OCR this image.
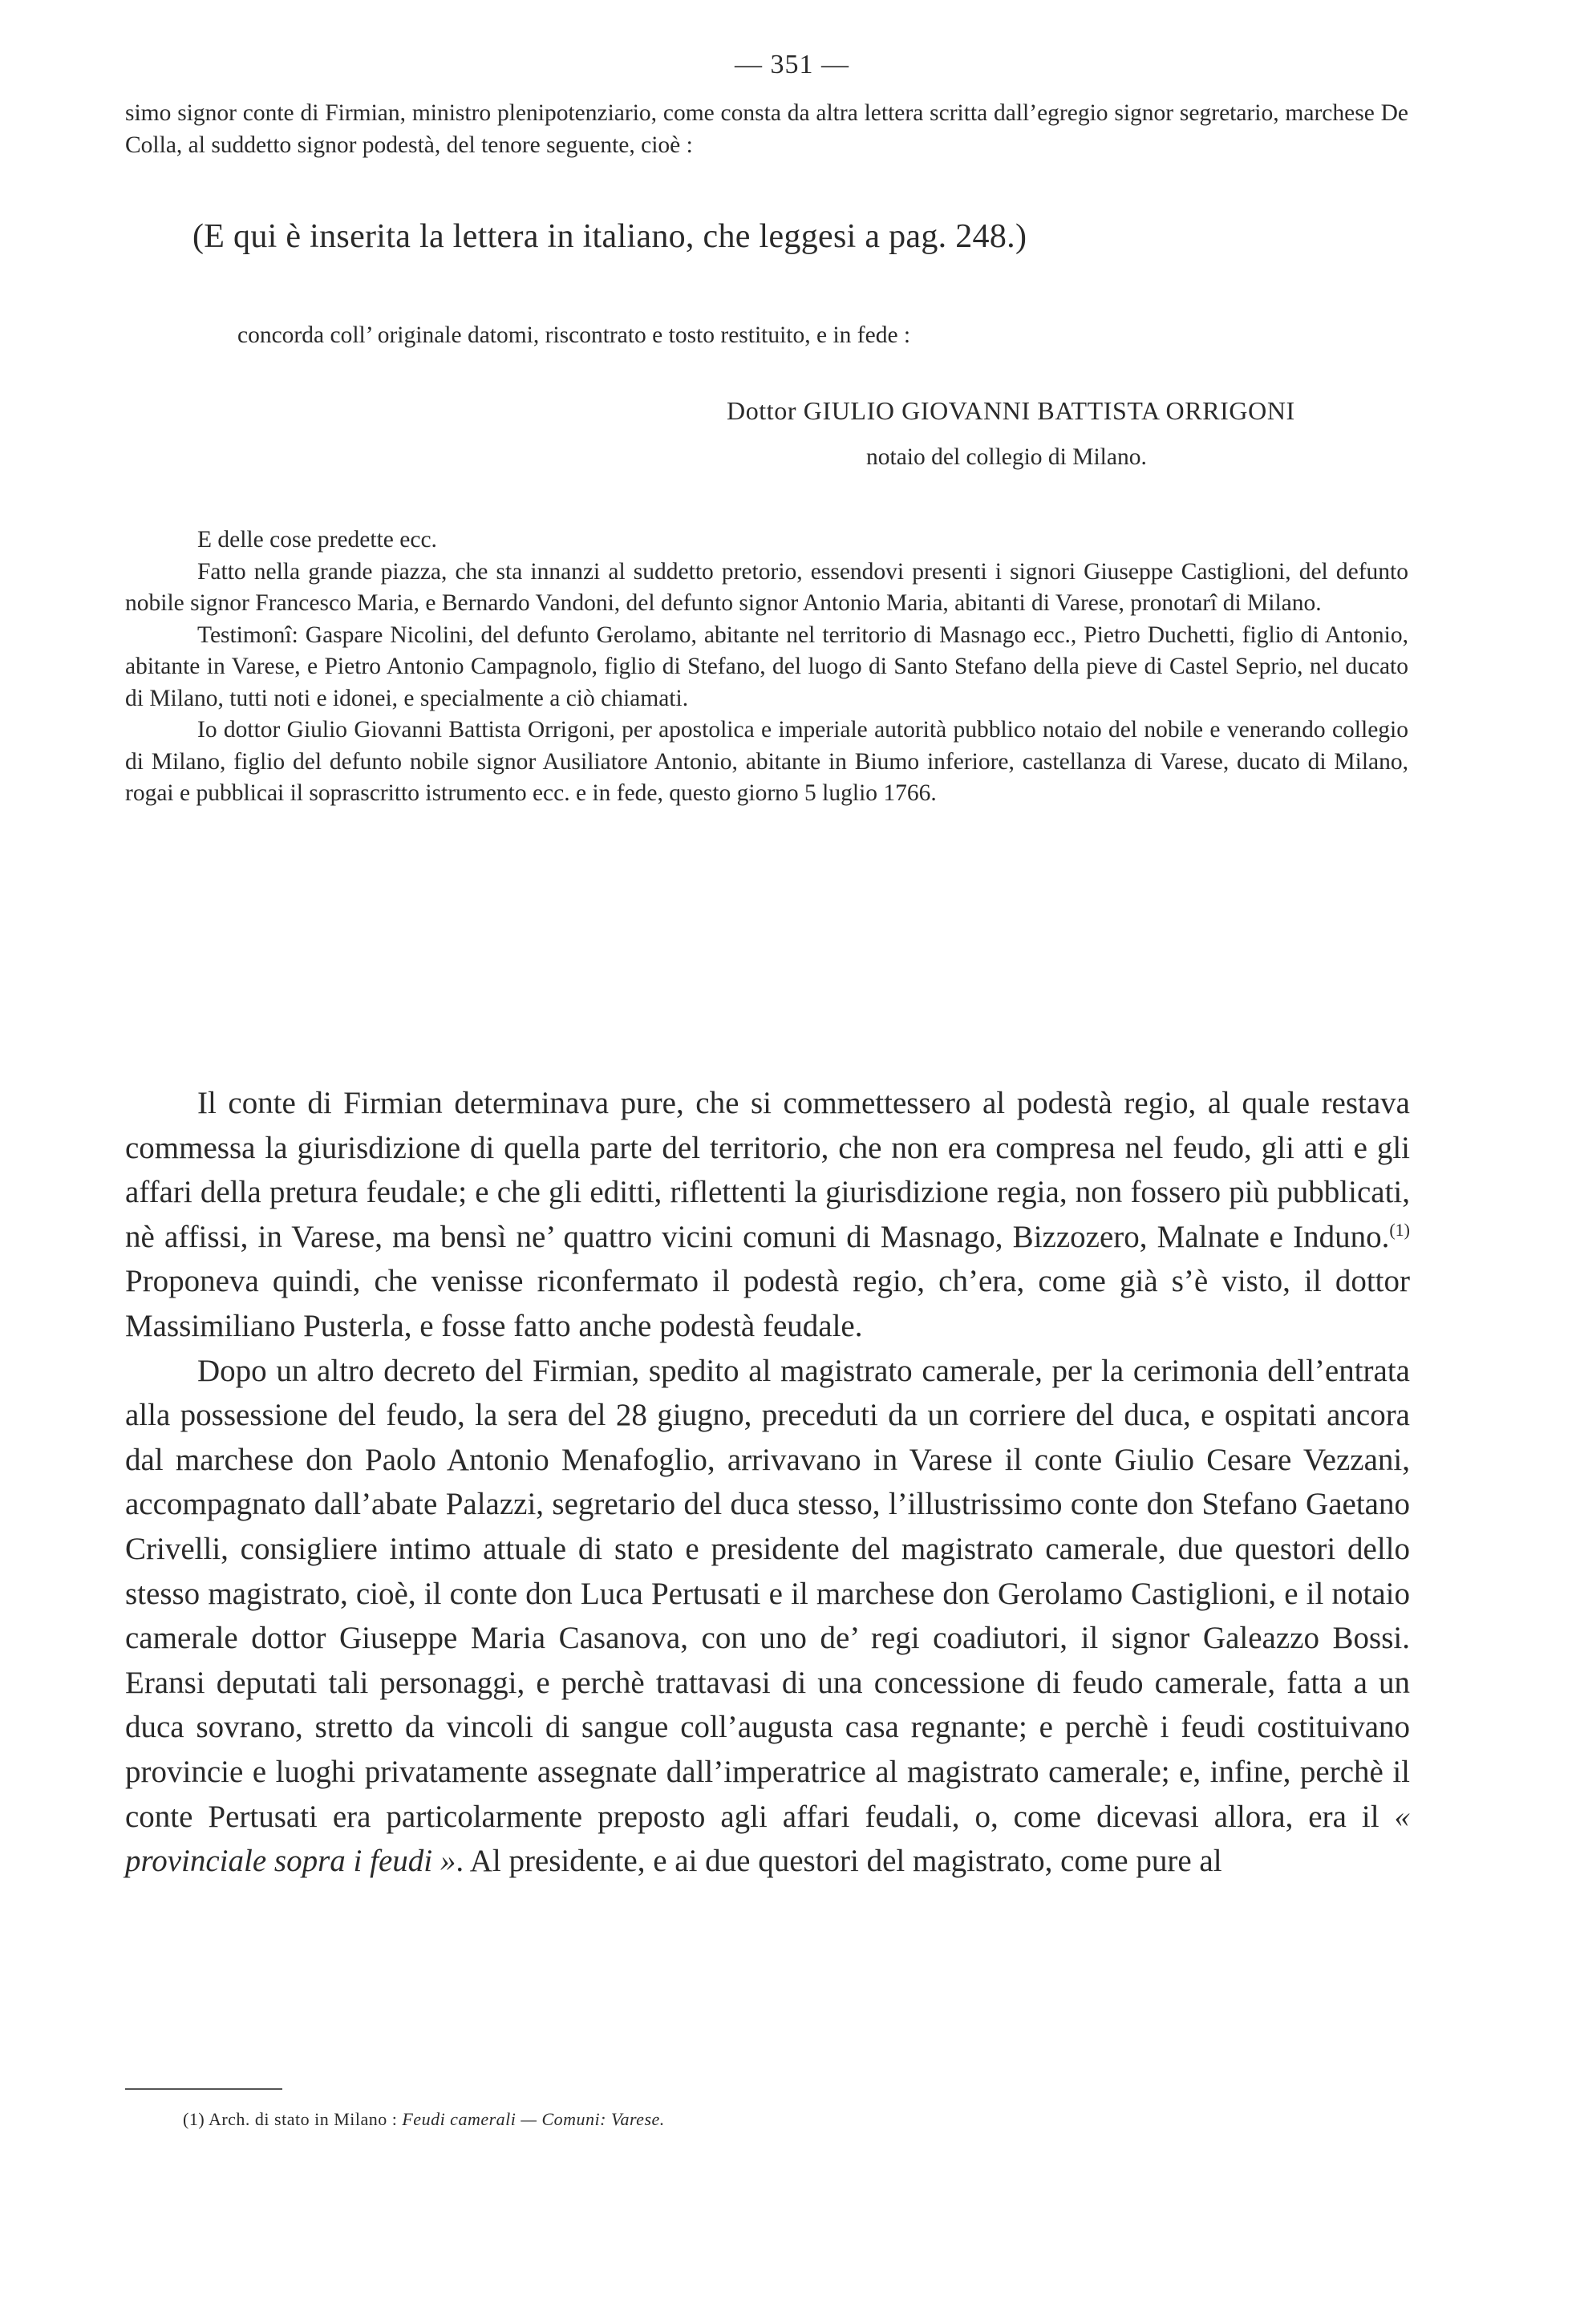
— 351 —

simo signor conte di Firmian, ministro plenipotenziario, come consta da altra lettera scritta dall’egregio signor segretario, marchese De Colla, al suddetto signor podestà, del tenore seguente, cioè :

(E qui è inserita la lettera in italiano, che leggesi a pag. 248.)
concorda coll’ originale datomi, riscontrato e tosto restituito, e in fede :
Dottor GIULIO GIOVANNI BATTISTA ORRIGONI
notaio del collegio di Milano.

E delle cose predette ecc.

Fatto nella grande piazza, che sta innanzi al suddetto pretorio, essendovi presenti i signori Giuseppe Castiglioni, del defunto nobile signor Francesco Maria, e Bernardo Vandoni, del defunto signor Antonio Maria, abitanti di Varese, pronotarî di Milano.

Testimonî: Gaspare Nicolini, del defunto Gerolamo, abitante nel territorio di Masnago ecc., Pietro Duchetti, figlio di Antonio, abitante in Varese, e Pietro Antonio Campagnolo, figlio di Stefano, del luogo di Santo Stefano della pieve di Castel Seprio, nel ducato di Milano, tutti noti e idonei, e specialmente a ciò chiamati.

Io dottor Giulio Giovanni Battista Orrigoni, per apostolica e imperiale autorità pubblico notaio del nobile e venerando collegio di Milano, figlio del defunto nobile signor Ausiliatore Antonio, abitante in Biumo inferiore, castellanza di Varese, ducato di Milano, rogai e pubblicai il soprascritto istrumento ecc. e in fede, questo giorno 5 luglio 1766.

Il conte di Firmian determinava pure, che si commettessero al podestà regio, al quale restava commessa la giurisdizione di quella parte del territorio, che non era compresa nel feudo, gli atti e gli affari della pretura feudale; e che gli editti, riflettenti la giurisdizione regia, non fossero più pubblicati, nè affissi, in Varese, ma bensì ne’ quattro vicini comuni di Masnago, Bizzozero, Malnate e Induno.$^{(1)}$ Proponeva quindi, che venisse riconfermato il podestà regio, ch’era, come già s’è visto, il dottor Massimiliano Pusterla, e fosse fatto anche podestà feudale.

Dopo un altro decreto del Firmian, spedito al magistrato camerale, per la cerimonia dell’entrata alla possessione del feudo, la sera del 28 giugno, preceduti da un corriere del duca, e ospitati ancora dal marchese don Paolo Antonio Menafoglio, arrivavano in Varese il conte Giulio Cesare Vezzani, accompagnato dall’abate Palazzi, segretario del duca stesso, l’illustrissimo conte don Stefano Gaetano Crivelli, consigliere intimo attuale di stato e presidente del magistrato camerale, due questori dello stesso magistrato, cioè, il conte don Luca Pertusati e il marchese don Gerolamo Castiglioni, e il notaio camerale dottor Giuseppe Maria Casanova, con uno de’ regi coadiutori, il signor Galeazzo Bossi. Eransi deputati tali personaggi, e perchè trattavasi di una concessione di feudo camerale, fatta a un duca sovrano, stretto da vincoli di sangue coll’augusta casa regnante; e perchè i feudi costituivano provincie e luoghi privatamente assegnate dall’imperatrice al magistrato camerale; e, infine, perchè il conte Pertusati era particolarmente preposto agli affari feudali, o, come dicevasi allora, era il « provinciale sopra i feudi ». Al presidente, e ai due questori del magistrato, come pure al

(1) Arch. di stato in Milano : Feudi camerali — Comuni: Varese.
